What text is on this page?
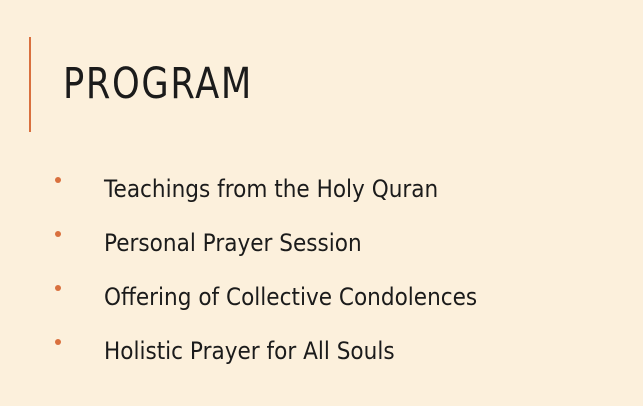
PROGRAM
Teachings from the Holy Quran
Personal Prayer Session
Offering of Collective Condolences
Holistic Prayer for All Souls
